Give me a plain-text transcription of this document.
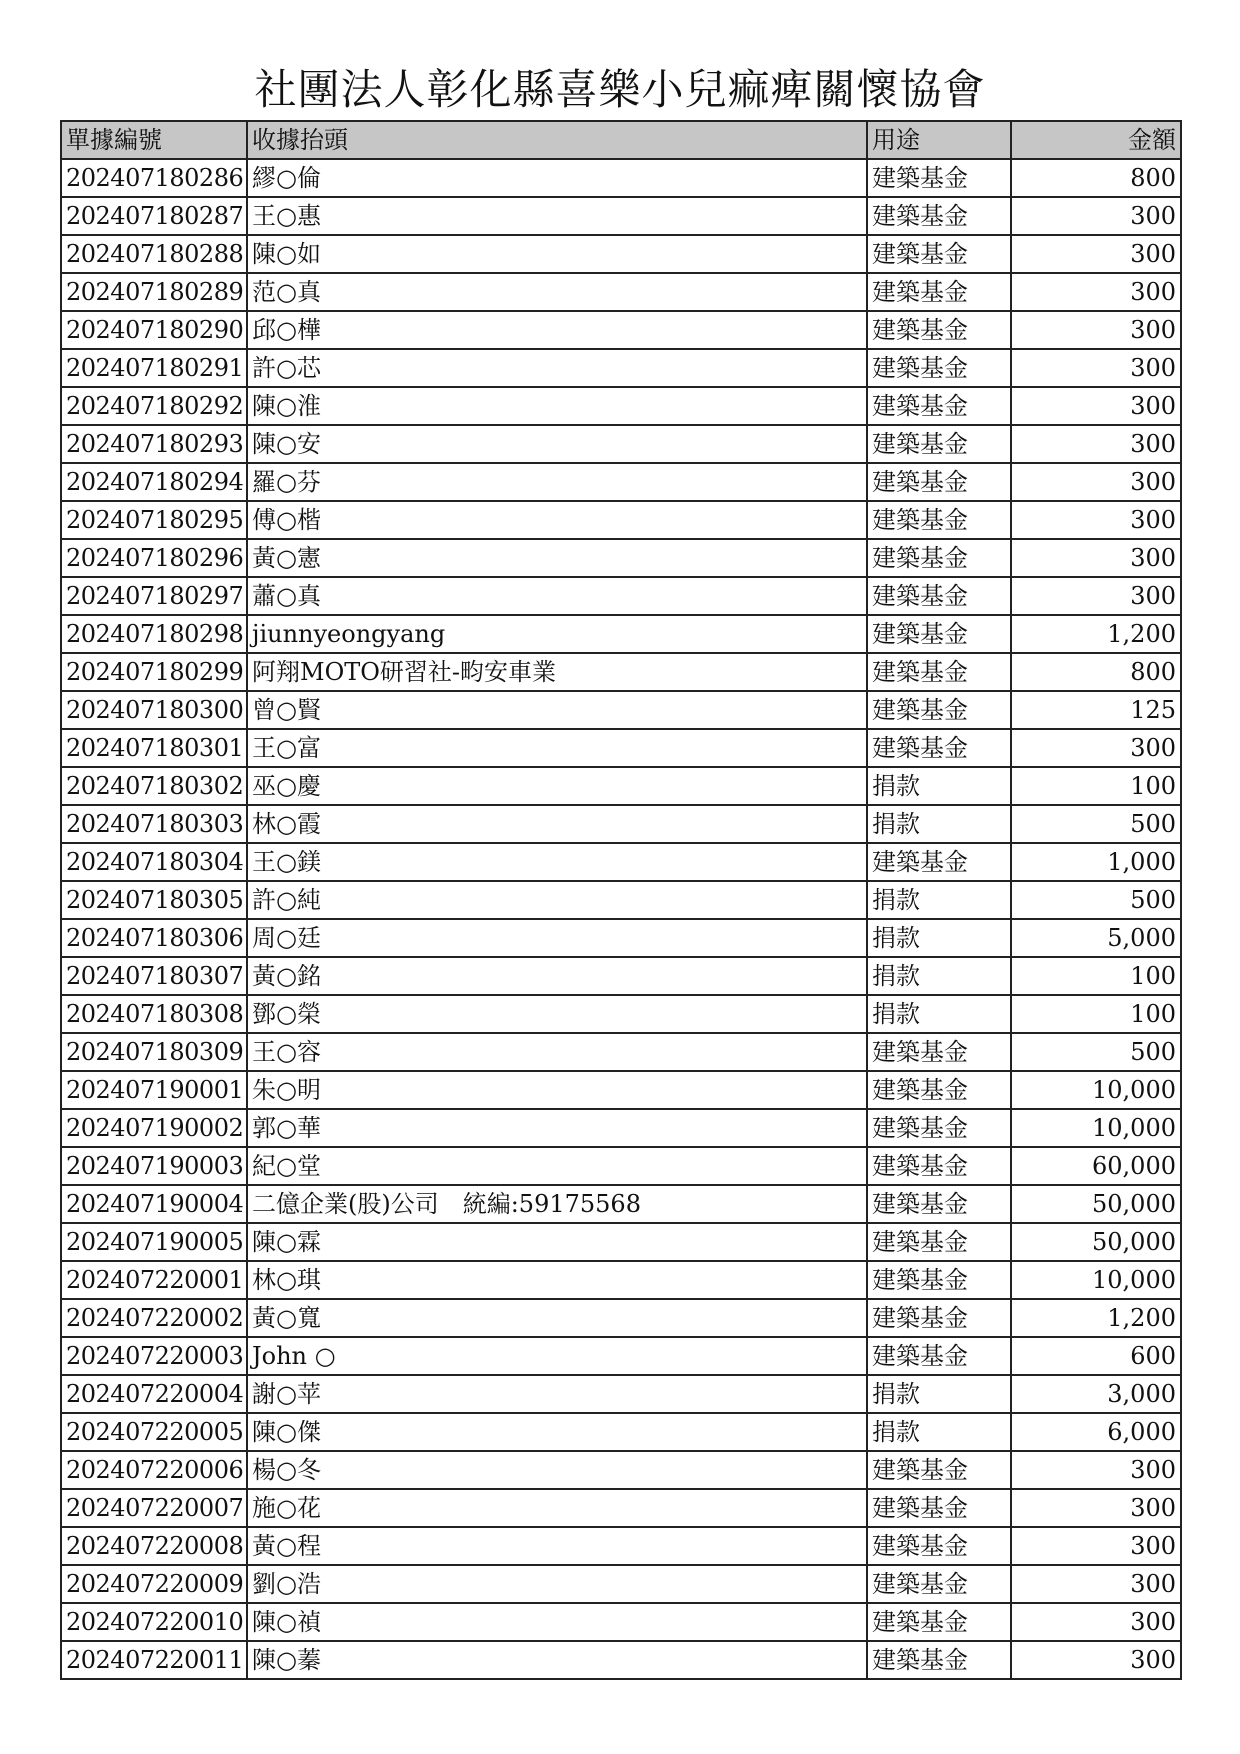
社團法人彰化縣喜樂小兒痲痺關懷協會
單據編號	收據抬頭	用途	金額
202407180286	繆○倫	建築基金	800
202407180287	王○惠	建築基金	300
202407180288	陳○如	建築基金	300
202407180289	范○真	建築基金	300
202407180290	邱○樺	建築基金	300
202407180291	許○芯	建築基金	300
202407180292	陳○淮	建築基金	300
202407180293	陳○安	建築基金	300
202407180294	羅○芬	建築基金	300
202407180295	傅○楷	建築基金	300
202407180296	黃○憲	建築基金	300
202407180297	蕭○真	建築基金	300
202407180298	jiunnyeongyang	建築基金	1,200
202407180299	阿翔MOTO研習社-畇安車業	建築基金	800
202407180300	曾○賢	建築基金	125
202407180301	王○富	建築基金	300
202407180302	巫○慶	捐款	100
202407180303	林○霞	捐款	500
202407180304	王○鎂	建築基金	1,000
202407180305	許○純	捐款	500
202407180306	周○廷	捐款	5,000
202407180307	黃○銘	捐款	100
202407180308	鄧○榮	捐款	100
202407180309	王○容	建築基金	500
202407190001	朱○明	建築基金	10,000
202407190002	郭○華	建築基金	10,000
202407190003	紀○堂	建築基金	60,000
202407190004	二億企業(股)公司　統編:59175568	建築基金	50,000
202407190005	陳○霖	建築基金	50,000
202407220001	林○琪	建築基金	10,000
202407220002	黃○寬	建築基金	1,200
202407220003	John ○	建築基金	600
202407220004	謝○苹	捐款	3,000
202407220005	陳○傑	捐款	6,000
202407220006	楊○冬	建築基金	300
202407220007	施○花	建築基金	300
202407220008	黃○程	建築基金	300
202407220009	劉○浩	建築基金	300
202407220010	陳○禎	建築基金	300
202407220011	陳○蓁	建築基金	300
